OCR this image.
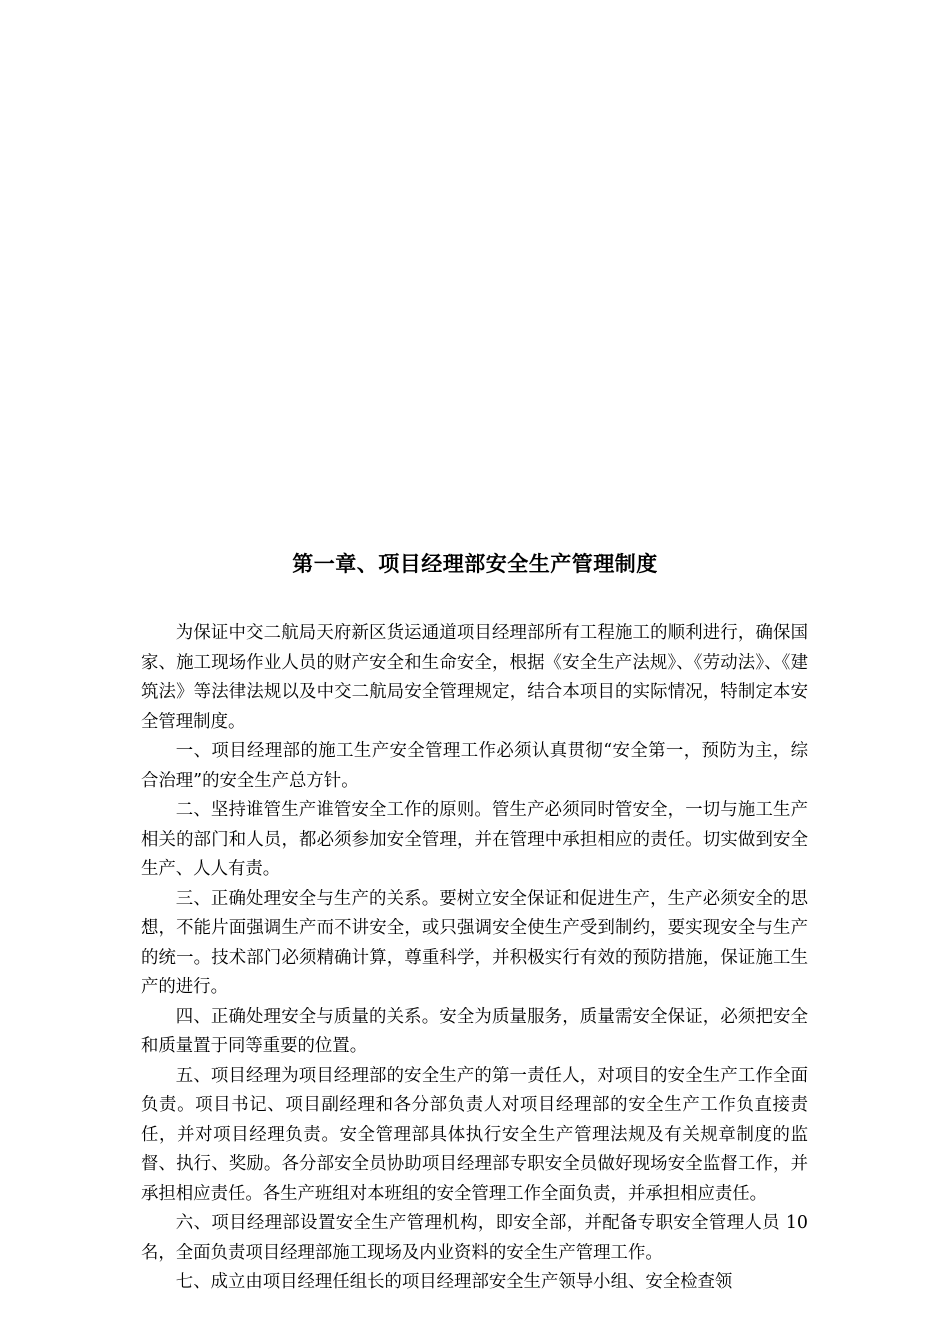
第一章、项目经理部安全生产管理制度

为保证中交二航局天府新区货运通道项目经理部所有工程施工的顺利进行，确保国家、施工现场作业人员的财产安全和生命安全，根据《安全生产法规》、《劳动法》、《建筑法》等法律法规以及中交二航局安全管理规定，结合本项目的实际情况，特制定本安全管理制度。

一、项目经理部的施工生产安全管理工作必须认真贯彻“安全第一，预防为主，综合治理”的安全生产总方针。

二、坚持谁管生产谁管安全工作的原则。管生产必须同时管安全，一切与施工生产相关的部门和人员，都必须参加安全管理，并在管理中承担相应的责任。切实做到安全生产、人人有责。

三、正确处理安全与生产的关系。要树立安全保证和促进生产，生产必须安全的思想，不能片面强调生产而不讲安全，或只强调安全使生产受到制约，要实现安全与生产的统一。技术部门必须精确计算，尊重科学，并积极实行有效的预防措施，保证施工生产的进行。

四、正确处理安全与质量的关系。安全为质量服务，质量需安全保证，必须把安全和质量置于同等重要的位置。

五、项目经理为项目经理部的安全生产的第一责任人，对项目的安全生产工作全面负责。项目书记、项目副经理和各分部负责人对项目经理部的安全生产工作负直接责任，并对项目经理负责。安全管理部具体执行安全生产管理法规及有关规章制度的监督、执行、奖励。各分部安全员协助项目经理部专职安全员做好现场安全监督工作，并承担相应责任。各生产班组对本班组的安全管理工作全面负责，并承担相应责任。

六、项目经理部设置安全生产管理机构，即安全部，并配备专职安全管理人员 10 名，全面负责项目经理部施工现场及内业资料的安全生产管理工作。

七、成立由项目经理任组长的项目经理部安全生产领导小组、安全检查领
